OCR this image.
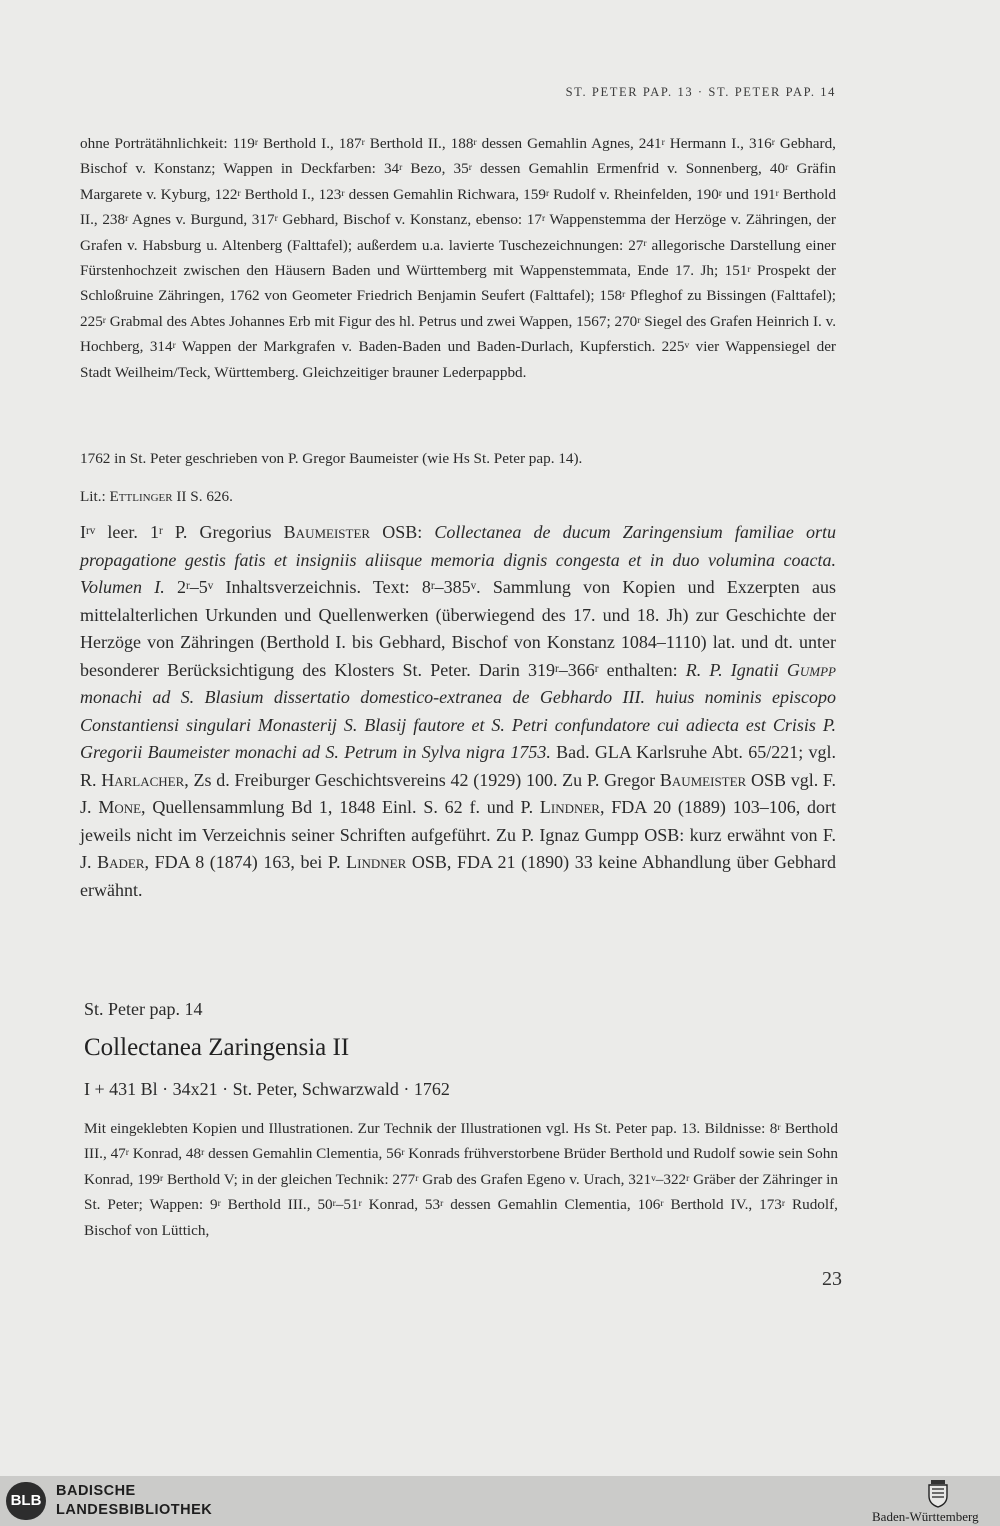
ST. PETER PAP. 13 · ST. PETER PAP. 14
ohne Porträtähnlichkeit: 119$^r$ Berthold I., 187$^r$ Berthold II., 188$^r$ dessen Gemahlin Agnes, 241$^r$ Hermann I., 316$^r$ Gebhard, Bischof v. Konstanz; Wappen in Deckfarben: 34$^r$ Bezo, 35$^r$ dessen Gemahlin Ermenfrid v. Sonnenberg, 40$^r$ Gräfin Margarete v. Kyburg, 122$^r$ Berthold I., 123$^r$ dessen Gemahlin Richwara, 159$^r$ Rudolf v. Rheinfelden, 190$^r$ und 191$^r$ Berthold II., 238$^r$ Agnes v. Burgund, 317$^r$ Gebhard, Bischof v. Konstanz, ebenso: 17$^r$ Wappenstemma der Herzöge v. Zähringen, der Grafen v. Habsburg u. Altenberg (Falttafel); außerdem u.a. lavierte Tuschezeichnungen: 27$^r$ allegorische Darstellung einer Fürstenhochzeit zwischen den Häusern Baden und Württemberg mit Wappenstemmata, Ende 17. Jh; 151$^r$ Prospekt der Schloßruine Zähringen, 1762 von Geometer Friedrich Benjamin Seufert (Falttafel); 158$^r$ Pfleghof zu Bissingen (Falttafel); 225$^r$ Grabmal des Abtes Johannes Erb mit Figur des hl. Petrus und zwei Wappen, 1567; 270$^r$ Siegel des Grafen Heinrich I. v. Hochberg, 314$^r$ Wappen der Markgrafen v. Baden-Baden und Baden-Durlach, Kupferstich. 225$^v$ vier Wappensiegel der Stadt Weilheim/Teck, Württemberg. Gleichzeitiger brauner Lederpappbd.
1762 in St. Peter geschrieben von P. Gregor Baumeister (wie Hs St. Peter pap. 14).
Lit.: Ettlinger II S. 626.
$I^{rv}$ leer. 1$^r$ P. Gregorius Baumeister OSB: Collectanea de ducum Zaringensium familiae ortu propagatione gestis fatis et insigniis aliisque memoria dignis congesta et in duo volumina coacta. Volumen I. 2$^r$–5$^v$ Inhaltsverzeichnis. Text: 8$^r$–385$^v$. Sammlung von Kopien und Exzerpten aus mittelalterlichen Urkunden und Quellenwerken (überwiegend des 17. und 18. Jh) zur Geschichte der Herzöge von Zähringen (Berthold I. bis Gebhard, Bischof von Konstanz 1084–1110) lat. und dt. unter besonderer Berücksichtigung des Klosters St. Peter. Darin 319$^r$–366$^r$ enthalten: R. P. Ignatii Gumpp monachi ad S. Blasium dissertatio domestico-extranea de Gebhardo III. huius nominis episcopo Constantiensi singulari Monasterij S. Blasij fautore et S. Petri confundatore cui adiecta est Crisis P. Gregorii Baumeister monachi ad S. Petrum in Sylva nigra 1753. Bad. GLA Karlsruhe Abt. 65/221; vgl. R. Harlacher, Zs d. Freiburger Geschichtsvereins 42 (1929) 100. Zu P. Gregor Baumeister OSB vgl. F. J. Mone, Quellensammlung Bd 1, 1848 Einl. S. 62 f. und P. Lindner, FDA 20 (1889) 103–106, dort jeweils nicht im Verzeichnis seiner Schriften aufgeführt. Zu P. Ignaz Gumpp OSB: kurz erwähnt von F. J. Bader, FDA 8 (1874) 163, bei P. Lindner OSB, FDA 21 (1890) 33 keine Abhandlung über Gebhard erwähnt.
St. Peter pap. 14
Collectanea Zaringensia II
I + 431 Bl · 34x21 · St. Peter, Schwarzwald · 1762
Mit eingeklebten Kopien und Illustrationen. Zur Technik der Illustrationen vgl. Hs St. Peter pap. 13. Bildnisse: 8$^r$ Berthold III., 47$^r$ Konrad, 48$^r$ dessen Gemahlin Clementia, 56$^r$ Konrads frühverstorbene Brüder Berthold und Rudolf sowie sein Sohn Konrad, 199$^r$ Berthold V; in der gleichen Technik: 277$^r$ Grab des Grafen Egeno v. Urach, 321$^v$–322$^r$ Gräber der Zähringer in St. Peter; Wappen: 9$^r$ Berthold III., 50$^r$–51$^r$ Konrad, 53$^r$ dessen Gemahlin Clementia, 106$^r$ Berthold IV., 173$^r$ Rudolf, Bischof von Lüttich,
23
BLB
BADISCHE
LANDESBIBLIOTHEK	Baden-Württemberg
